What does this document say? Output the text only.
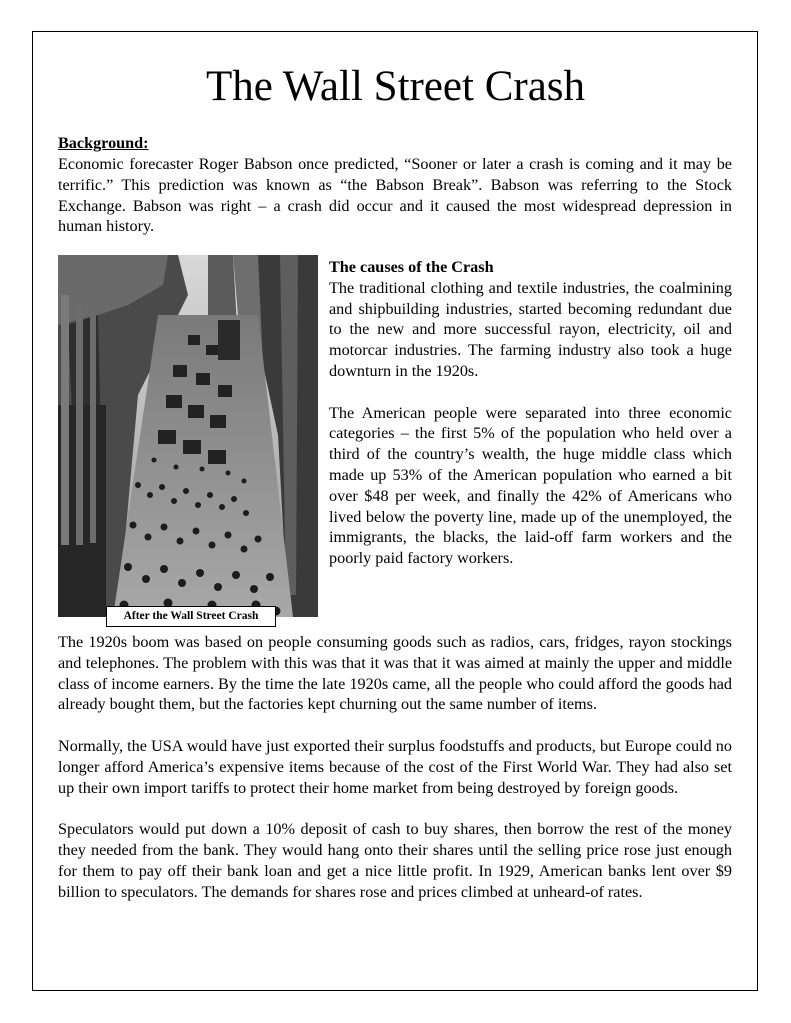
The Wall Street Crash
Background:

Economic forecaster Roger Babson once predicted, “Sooner or later a crash is coming and it may be terrific.” This prediction was known as “the Babson Break”. Babson was referring to the Stock Exchange. Babson was right – a crash did occur and it caused the most widespread depression in human history.

After the Wall Street Crash
The causes of the Crash

The traditional clothing and textile industries, the coalmining and shipbuilding industries, started becoming redundant due to the new and more successful rayon, electricity, oil and motorcar industries. The farming industry also took a huge downturn in the 1920s.

The American people were separated into three economic categories – the first 5% of the population who held over a third of the country’s wealth, the huge middle class which made up 53% of the American population who earned a bit over $48 per week, and finally the 42% of Americans who lived below the poverty line, made up of the unemployed, the immigrants, the blacks, the laid-off farm workers and the poorly paid factory workers.

The 1920s boom was based on people consuming goods such as radios, cars, fridges, rayon stockings and telephones. The problem with this was that it was that it was aimed at mainly the upper and middle class of income earners. By the time the late 1920s came, all the people who could afford the goods had already bought them, but the factories kept churning out the same number of items.

Normally, the USA would have just exported their surplus foodstuffs and products, but Europe could no longer afford America’s expensive items because of the cost of the First World War. They had also set up their own import tariffs to protect their home market from being destroyed by foreign goods.

Speculators would put down a 10% deposit of cash to buy shares, then borrow the rest of the money they needed from the bank. They would hang onto their shares until the selling price rose just enough for them to pay off their bank loan and get a nice little profit. In 1929, American banks lent over $9 billion to speculators. The demands for shares rose and prices climbed at unheard-of rates.
